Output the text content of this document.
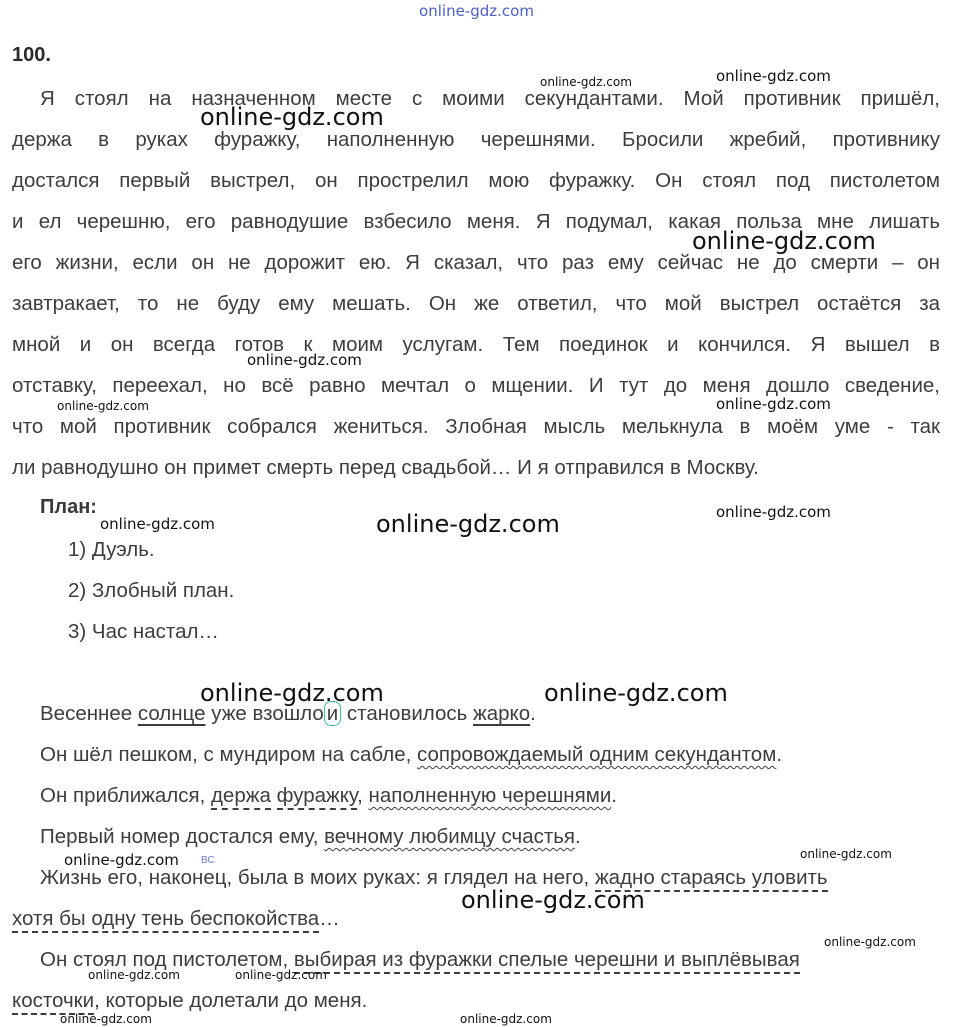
online-gdz.com
100.
Я стоял на назначенном месте с моими секундантами. Мой противник пришёл,
держа в руках фуражку, наполненную черешнями. Бросили жребий, противнику
достался первый выстрел, он прострелил мою фуражку. Он стоял под пистолетом
и ел черешню, его равнодушие взбесило меня. Я подумал, какая польза мне лишать
его жизни, если он не дорожит ею. Я сказал, что раз ему сейчас не до смерти – он
завтракает, то не буду ему мешать. Он же ответил, что мой выстрел остаётся за
мной и он всегда готов к моим услугам. Тем поединок и кончился. Я вышел в
отставку, переехал, но всё равно мечтал о мщении. И тут до меня дошло сведение,
что мой противник собрался жениться. Злобная мысль мелькнула в моём уме - так
ли равнодушно он примет смерть перед свадьбой… И я отправился в Москву.
План:
1) Дуэль.
2) Злобный план.
3) Час настал…
Весеннее солнце уже взошло и становилось жарко.
Он шёл пешком, с мундиром на сабле, сопровождаемый одним секундантом.
Он приближался, держа фуражку, наполненную черешнями.
Первый номер достался ему, вечному любимцу счастья.
Жизнь его, наконец, была в моих руках: я глядел на него, жадно стараясь уловить
хотя бы одну тень беспокойства…
Он стоял под пистолетом, выбирая из фуражки спелые черешни и выплёвывая
косточки, которые долетали до меня.
ВС
online-gdz.com	online-gdz.com
online-gdz.com
online-gdz.com
online-gdz.com
online-gdz.com	online-gdz.com
online-gdz.com	online-gdz.com	online-gdz.com
online-gdz.com	online-gdz.com
online-gdz.com	online-gdz.com
online-gdz.com
online-gdz.com
online-gdz.com	online-gdz.com
online-gdz.com
online-gdz.com
